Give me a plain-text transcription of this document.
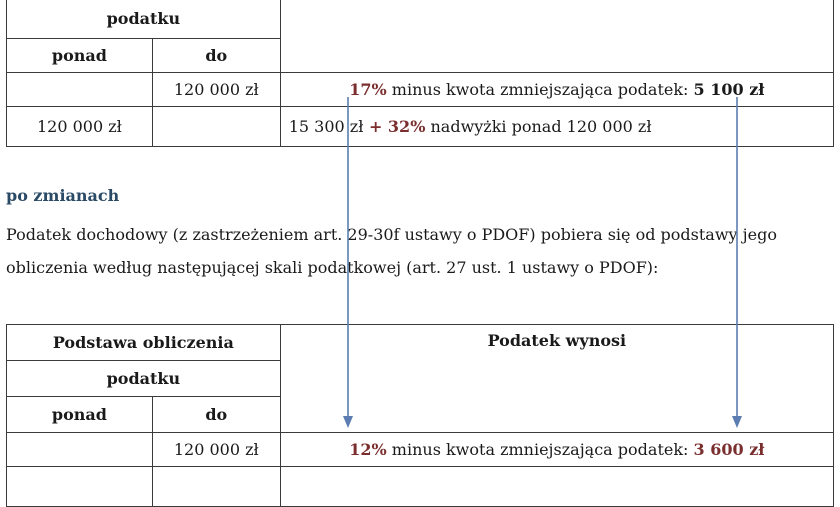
podatku		
ponad	do	
	120 000 zł	17% minus kwota zmniejszająca podatek: 5 100 zł
120 000 zł		15 300 zł + 32% nadwyżki ponad 120 000 zł
po zmianach
Podatek dochodowy (z zastrzeżeniem art. 29-30f ustawy o PDOF) pobiera się od podstawy jego
obliczenia według następującej skali podatkowej (art. 27 ust. 1 ustawy o PDOF):
Podstawa obliczenia		Podatek wynosi
podatku		
ponad	do	
	120 000 zł	12% minus kwota zmniejszająca podatek: 3 600 zł
